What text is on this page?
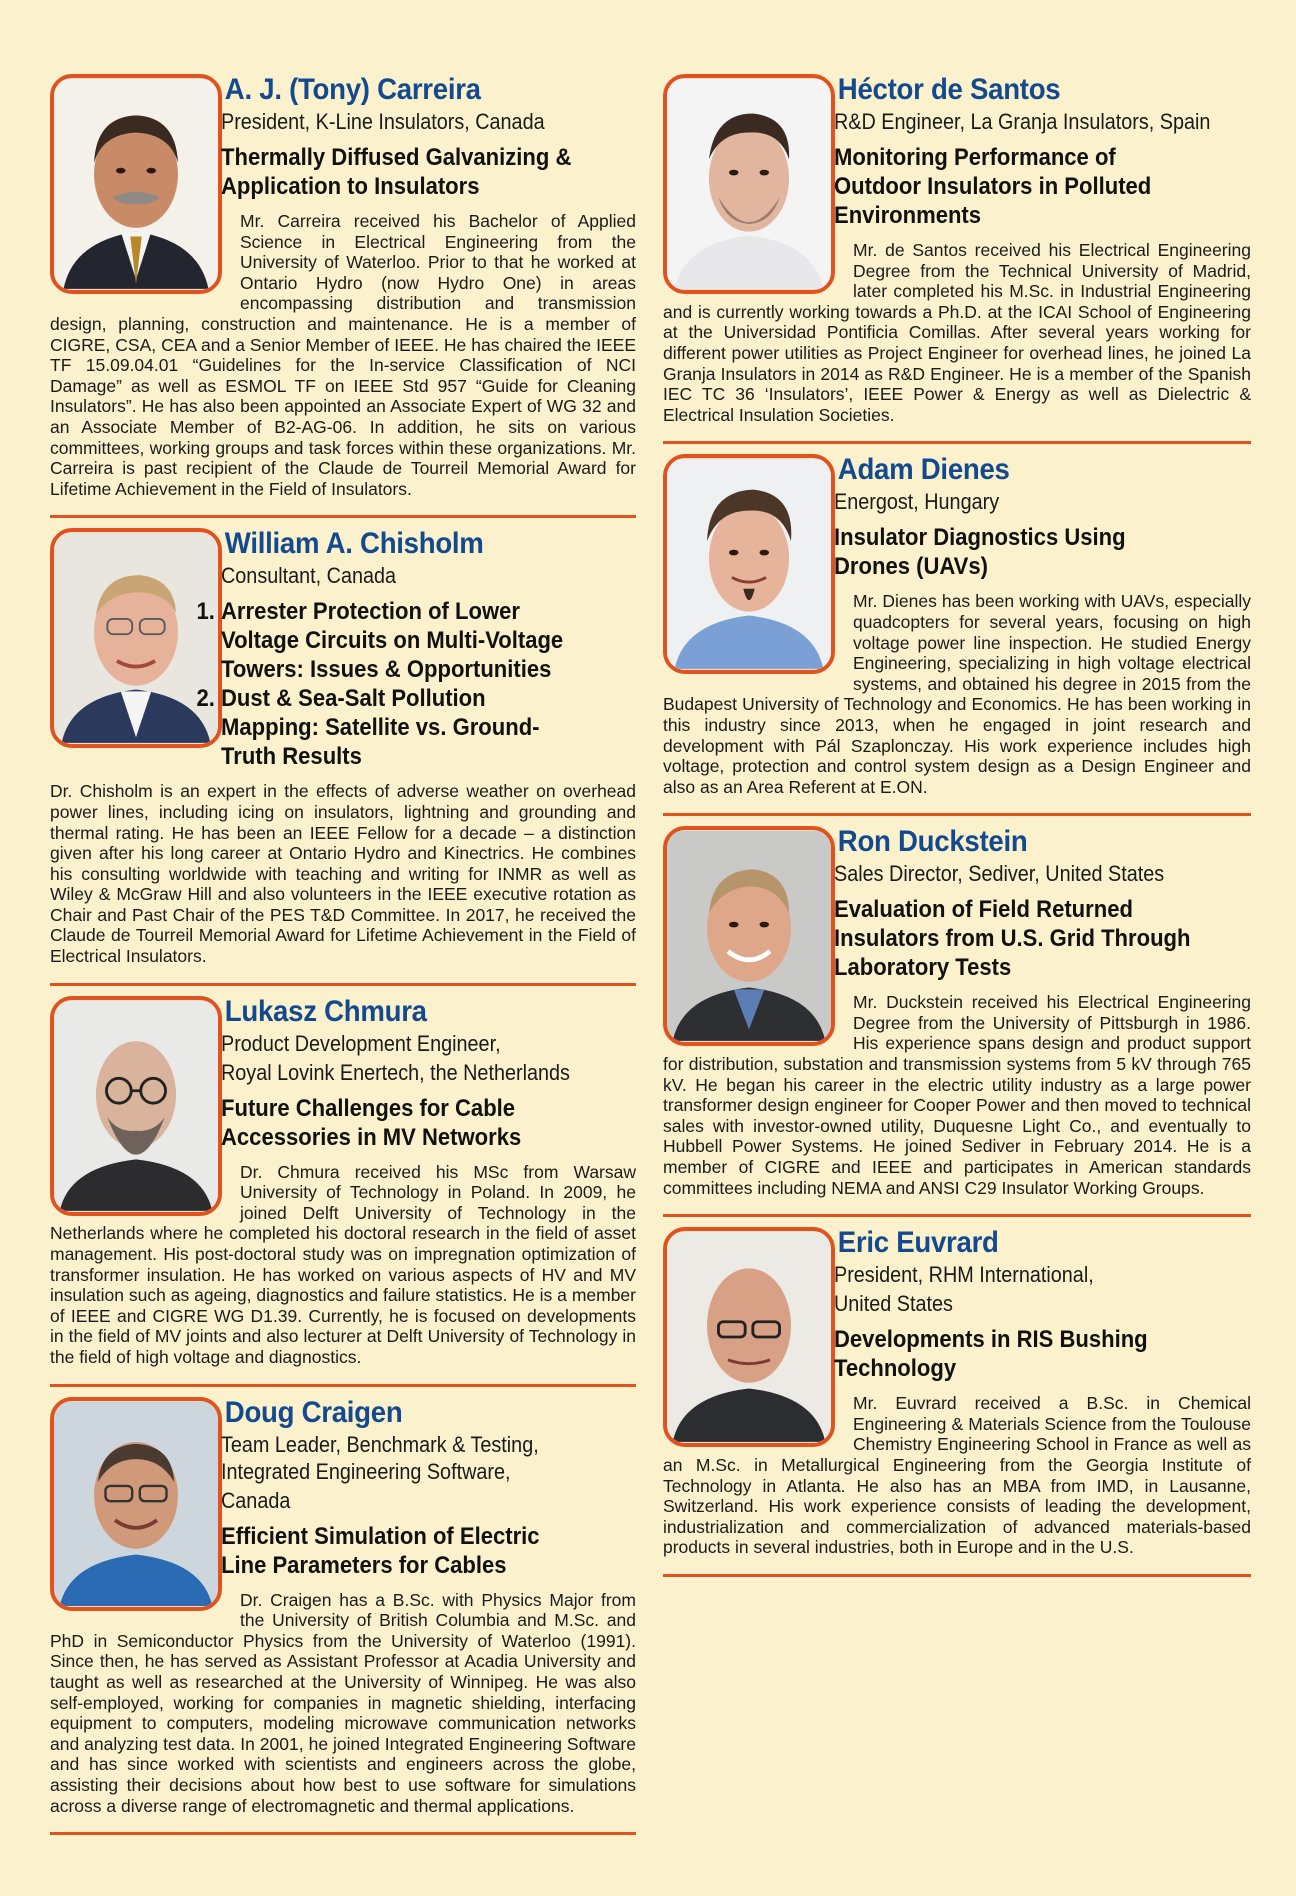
A. J. (Tony) Carreira
President, K-Line Insulators, Canada
Thermally Diffused Galvanizing & Application to Insulators

Mr. Carreira received his Bachelor of Applied Science in Electrical Engineering from the University of Waterloo. Prior to that he worked at Ontario Hydro (now Hydro One) in areas encompassing distribution and transmission design, planning, construction and maintenance. He is a member of CIGRE, CSA, CEA and a Senior Member of IEEE. He has chaired the IEEE TF 15.09.04.01 “Guidelines for the In-service Classification of NCI Damage” as well as ESMOL TF on IEEE Std 957 “Guide for Cleaning Insulators”. He has also been appointed an Associate Expert of WG 32 and an Associate Member of B2-AG-06. In addition, he sits on various committees, working groups and task forces within these organizations. Mr. Carreira is past recipient of the Claude de Tourreil Memorial Award for Lifetime Achievement in the Field of Insulators.

William A. Chisholm
Consultant, Canada
1. Arrester Protection of Lower Voltage Circuits on Multi-Voltage Towers: Issues & Opportunities
2. Dust & Sea-Salt Pollution Mapping: Satellite vs. Ground-Truth Results

Dr. Chisholm is an expert in the effects of adverse weather on overhead power lines, including icing on insulators, lightning and grounding and thermal rating. He has been an IEEE Fellow for a decade – a distinction given after his long career at Ontario Hydro and Kinectrics. He combines his consulting worldwide with teaching and writing for INMR as well as Wiley & McGraw Hill and also volunteers in the IEEE executive rotation as Chair and Past Chair of the PES T&D Committee. In 2017, he received the Claude de Tourreil Memorial Award for Lifetime Achievement in the Field of Electrical Insulators.

Lukasz Chmura
Product Development Engineer,
Royal Lovink Enertech, the Netherlands
Future Challenges for Cable Accessories in MV Networks

Dr. Chmura received his MSc from Warsaw University of Technology in Poland. In 2009, he joined Delft University of Technology in the Netherlands where he completed his doctoral research in the field of asset management. His post-doctoral study was on impregnation optimization of transformer insulation. He has worked on various aspects of HV and MV insulation such as ageing, diagnostics and failure statistics. He is a member of IEEE and CIGRE WG D1.39. Currently, he is focused on developments in the field of MV joints and also lecturer at Delft University of Technology in the field of high voltage and diagnostics.

Doug Craigen
Team Leader, Benchmark & Testing,
Integrated Engineering Software,
Canada
Efficient Simulation of Electric Line Parameters for Cables

Dr. Craigen has a B.Sc. with Physics Major from the University of British Columbia and M.Sc. and PhD in Semiconductor Physics from the University of Waterloo (1991). Since then, he has served as Assistant Professor at Acadia University and taught as well as researched at the University of Winnipeg. He was also self-employed, working for companies in magnetic shielding, interfacing equipment to computers, modeling microwave communication networks and analyzing test data. In 2001, he joined Integrated Engineering Software and has since worked with scientists and engineers across the globe, assisting their decisions about how best to use software for simulations across a diverse range of electromagnetic and thermal applications.

Héctor de Santos
R&D Engineer, La Granja Insulators, Spain
Monitoring Performance of Outdoor Insulators in Polluted Environments

Mr. de Santos received his Electrical Engineering Degree from the Technical University of Madrid, later completed his M.Sc. in Industrial Engineering and is currently working towards a Ph.D. at the ICAI School of Engineering at the Universidad Pontificia Comillas. After several years working for different power utilities as Project Engineer for overhead lines, he joined La Granja Insulators in 2014 as R&D Engineer. He is a member of the Spanish IEC TC 36 ‘Insulators’, IEEE Power & Energy as well as Dielectric & Electrical Insulation Societies.

Adam Dienes
Energost, Hungary
Insulator Diagnostics Using Drones (UAVs)

Mr. Dienes has been working with UAVs, especially quadcopters for several years, focusing on high voltage power line inspection. He studied Energy Engineering, specializing in high voltage electrical systems, and obtained his degree in 2015 from the Budapest University of Technology and Economics. He has been working in this industry since 2013, when he engaged in joint research and development with Pál Szaplonczay. His work experience includes high voltage, protection and control system design as a Design Engineer and also as an Area Referent at E.ON.

Ron Duckstein
Sales Director, Sediver, United States
Evaluation of Field Returned Insulators from U.S. Grid Through Laboratory Tests

Mr. Duckstein received his Electrical Engineering Degree from the University of Pittsburgh in 1986. His experience spans design and product support for distribution, substation and transmission systems from 5 kV through 765 kV. He began his career in the electric utility industry as a large power transformer design engineer for Cooper Power and then moved to technical sales with investor-owned utility, Duquesne Light Co., and eventually to Hubbell Power Systems. He joined Sediver in February 2014. He is a member of CIGRE and IEEE and participates in American standards committees including NEMA and ANSI C29 Insulator Working Groups.

Eric Euvrard
President, RHM International,
United States
Developments in RIS Bushing Technology

Mr. Euvrard received a B.Sc. in Chemical Engineering & Materials Science from the Toulouse Chemistry Engineering School in France as well as an M.Sc. in Metallurgical Engineering from the Georgia Institute of Technology in Atlanta. He also has an MBA from IMD, in Lausanne, Switzerland. His work experience consists of leading the development, industrialization and commercialization of advanced materials-based products in several industries, both in Europe and in the U.S.
